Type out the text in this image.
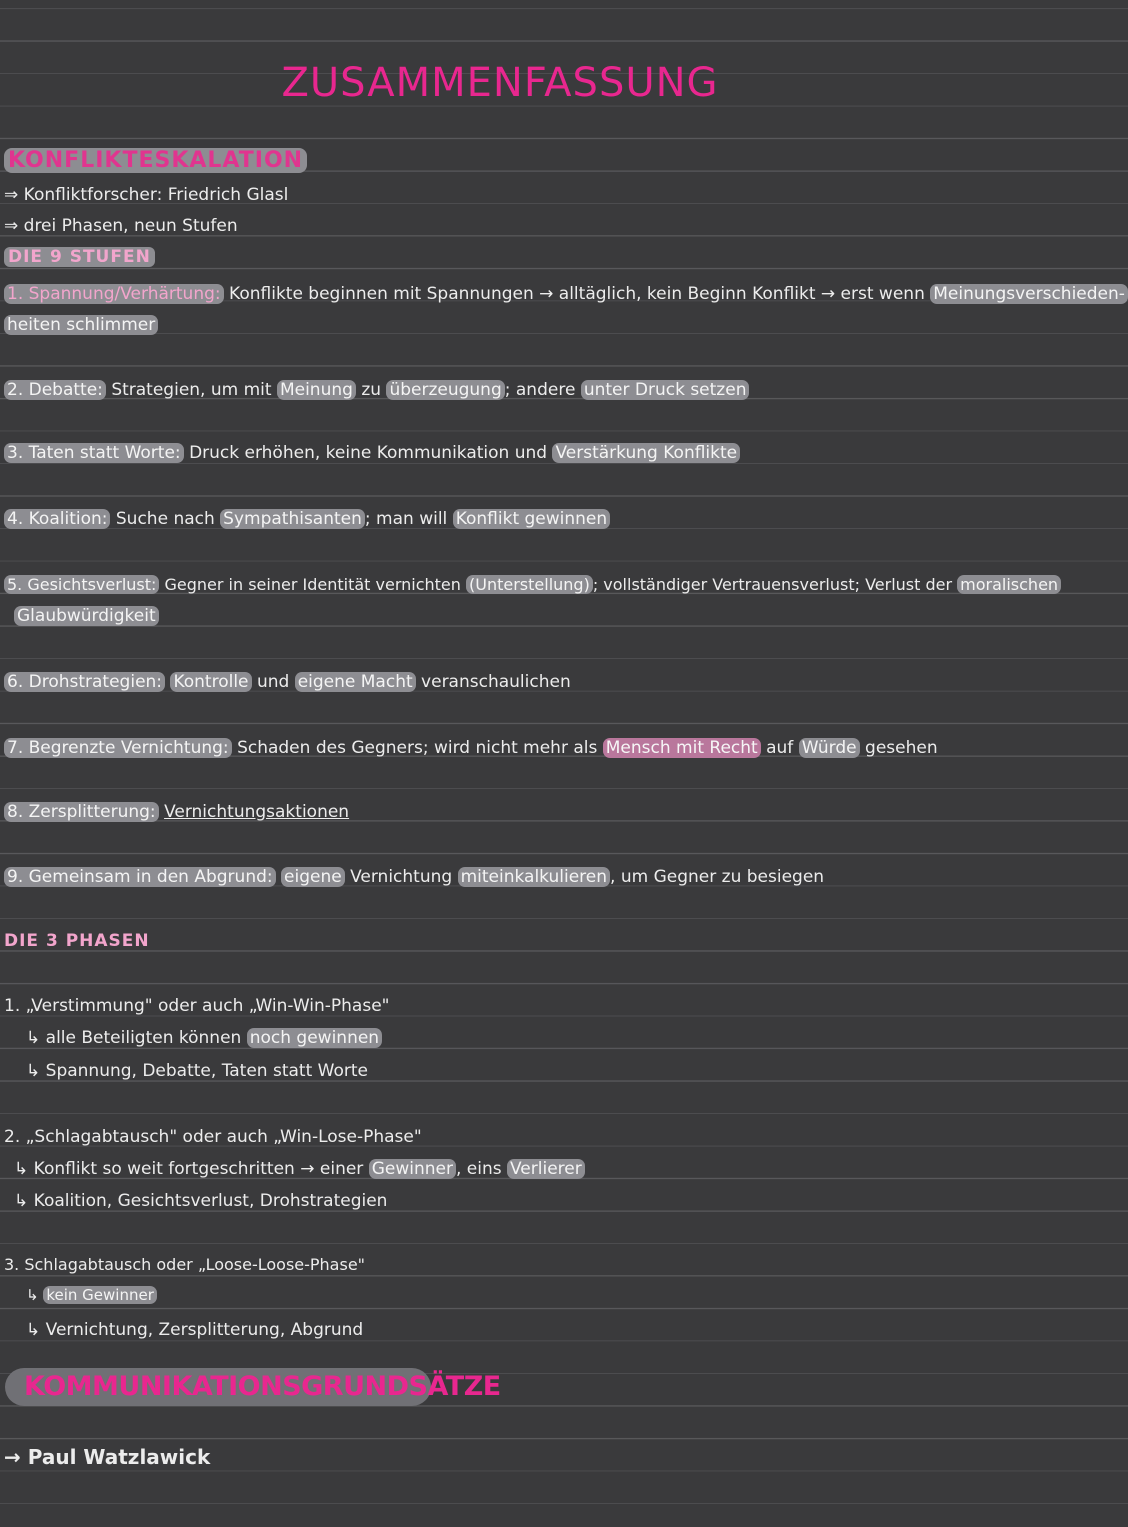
ZUSAMMENFASSUNG
KONFLIKTESKALATION
⇒ Konfliktforscher: Friedrich Glasl
⇒ drei Phasen, neun Stufen
DIE 9 STUFEN
1. Spannung/Verhärtung: Konflikte beginnen mit Spannungen → alltäglich, kein Beginn Konflikt → erst wenn Meinungsverschieden-
heiten schlimmer
2. Debatte: Strategien, um mit Meinung zu überzeugung ; andere unter Druck setzen
3. Taten statt Worte: Druck erhöhen, keine Kommunikation und Verstärkung Konflikte
4. Koalition: Suche nach Sympathisanten ; man will Konflikt gewinnen
5. Gesichtsverlust: Gegner in seiner Identität vernichten (Unterstellung) ; vollständiger Vertrauensverlust; Verlust der moralischen
Glaubwürdigkeit
6. Drohstrategien: Kontrolle und eigene Macht veranschaulichen
7. Begrenzte Vernichtung: Schaden des Gegners; wird nicht mehr als Mensch mit Recht auf Würde gesehen
8. Zersplitterung: Vernichtungsaktionen
9. Gemeinsam in den Abgrund: eigene Vernichtung miteinkalkulieren , um Gegner zu besiegen
DIE 3 PHASEN
1. „Verstimmung" oder auch „Win-Win-Phase"
↳ alle Beteiligten können noch gewinnen
↳ Spannung, Debatte, Taten statt Worte
2. „Schlagabtausch" oder auch „Win-Lose-Phase"
↳ Konflikt so weit fortgeschritten → einer Gewinner , eins Verlierer
↳ Koalition, Gesichtsverlust, Drohstrategien
3. Schlagabtausch oder „Loose-Loose-Phase"
↳ kein Gewinner
↳ Vernichtung, Zersplitterung, Abgrund
KOMMUNIKATIONSGRUNDSÄTZE
→ Paul Watzlawick
